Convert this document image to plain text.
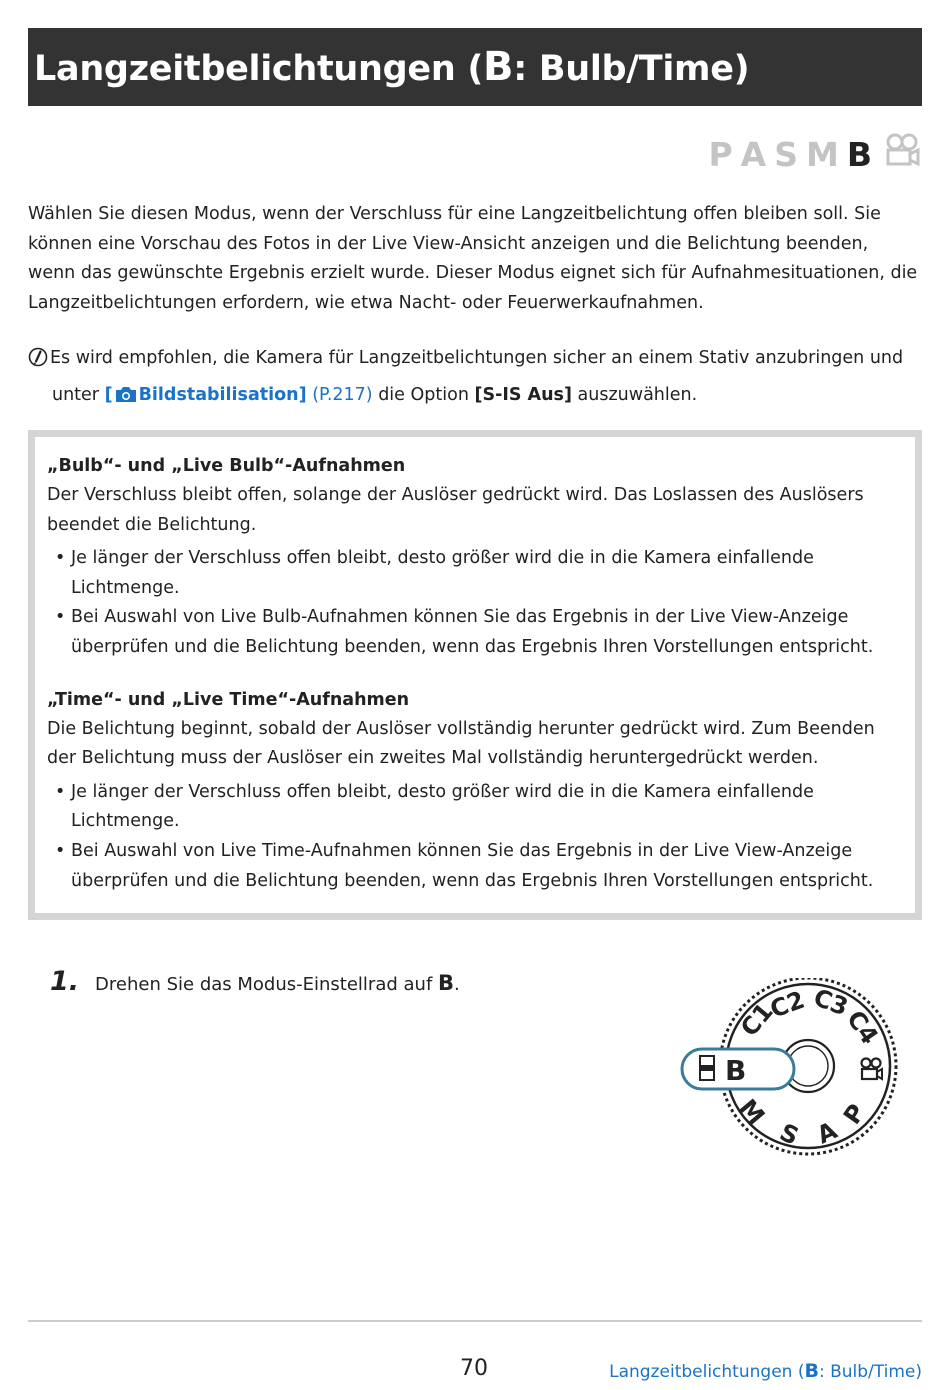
Langzeitbelichtungen (B: Bulb/Time)
P A S M B

Wählen Sie diesen Modus, wenn der Verschluss für eine Langzeitbelichtung offen bleiben soll. Sie können eine Vorschau des Fotos in der Live View-Ansicht anzeigen und die Belichtung beenden, wenn das gewünschte Ergebnis erzielt wurde. Dieser Modus eignet sich für Aufnahmesituationen, die Langzeitbelichtungen erfordern, wie etwa Nacht- oder Feuerwerkaufnahmen.

Es wird empfohlen, die Kamera für Langzeitbelichtungen sicher an einem Stativ anzubringen und
unter [ Bildstabilisation] (P.217) die Option [S-IS Aus] auszuwählen.
„Bulb“- und „Live Bulb“-Aufnahmen

Der Verschluss bleibt offen, solange der Auslöser gedrückt wird. Das Loslassen des Auslösers beendet die Belichtung.

• Je länger der Verschluss offen bleibt, desto größer wird die in die Kamera einfallende Lichtmenge.
• Bei Auswahl von Live Bulb-Aufnahmen können Sie das Ergebnis in der Live View-Anzeige überprüfen und die Belichtung beenden, wenn das Ergebnis Ihren Vorstellungen entspricht.
„Time“- und „Live Time“-Aufnahmen

Die Belichtung beginnt, sobald der Auslöser vollständig herunter gedrückt wird. Zum Beenden der Belichtung muss der Auslöser ein zweites Mal vollständig heruntergedrückt werden.

• Je länger der Verschluss offen bleibt, desto größer wird die in die Kamera einfallende Lichtmenge.
• Bei Auswahl von Live Time-Aufnahmen können Sie das Ergebnis in der Live View-Anzeige überprüfen und die Belichtung beenden, wenn das Ergebnis Ihren Vorstellungen entspricht.
1. Drehen Sie das Modus-Einstellrad auf B.
B
C1
C2 C3
C4
P
A
S
M
70	Langzeitbelichtungen (B: Bulb/Time)
